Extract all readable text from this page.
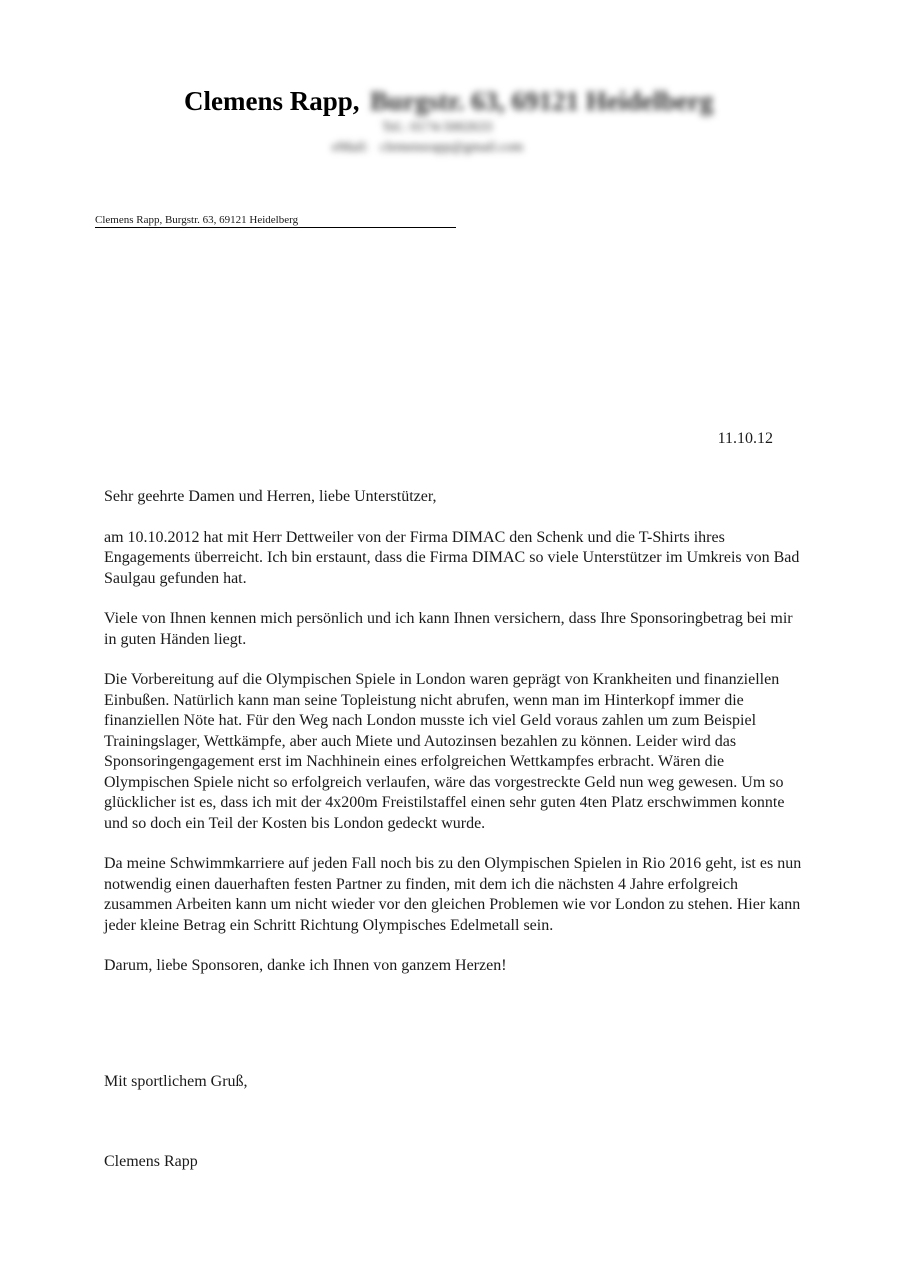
Clemens Rapp, Burgstr. 63, 69121 Heidelberg
Tel.: 0174-5002633
eMail: clemensrapp@gmail.com
Clemens Rapp, Burgstr. 63, 69121 Heidelberg
11.10.12

Sehr geehrte Damen und Herren, liebe Unterstützer,

am 10.10.2012 hat mit Herr Dettweiler von der Firma DIMAC den Schenk und die T-Shirts ihres Engagements überreicht. Ich bin erstaunt, dass die Firma DIMAC so viele Unterstützer im Umkreis von Bad Saulgau gefunden hat.

Viele von Ihnen kennen mich persönlich und ich kann Ihnen versichern, dass Ihre Sponsoringbetrag bei mir in guten Händen liegt.

Die Vorbereitung auf die Olympischen Spiele in London waren geprägt von Krankheiten und finanziellen Einbußen. Natürlich kann man seine Topleistung nicht abrufen, wenn man im Hinterkopf immer die finanziellen Nöte hat. Für den Weg nach London musste ich viel Geld voraus zahlen um zum Beispiel Trainingslager, Wettkämpfe, aber auch Miete und Autozinsen bezahlen zu können. Leider wird das Sponsoringengagement erst im Nachhinein eines erfolgreichen Wettkampfes erbracht. Wären die Olympischen Spiele nicht so erfolgreich verlaufen, wäre das vorgestreckte Geld nun weg gewesen. Um so glücklicher ist es, dass ich mit der 4x200m Freistilstaffel einen sehr guten 4ten Platz erschwimmen konnte und so doch ein Teil der Kosten bis London gedeckt wurde.

Da meine Schwimmkarriere auf jeden Fall noch bis zu den Olympischen Spielen in Rio 2016 geht, ist es nun notwendig einen dauerhaften festen Partner zu finden, mit dem ich die nächsten 4 Jahre erfolgreich zusammen Arbeiten kann um nicht wieder vor den gleichen Problemen wie vor London zu stehen. Hier kann jeder kleine Betrag ein Schritt Richtung Olympisches Edelmetall sein.

Darum, liebe Sponsoren, danke ich Ihnen von ganzem Herzen!

Mit sportlichem Gruß,
Clemens Rapp
